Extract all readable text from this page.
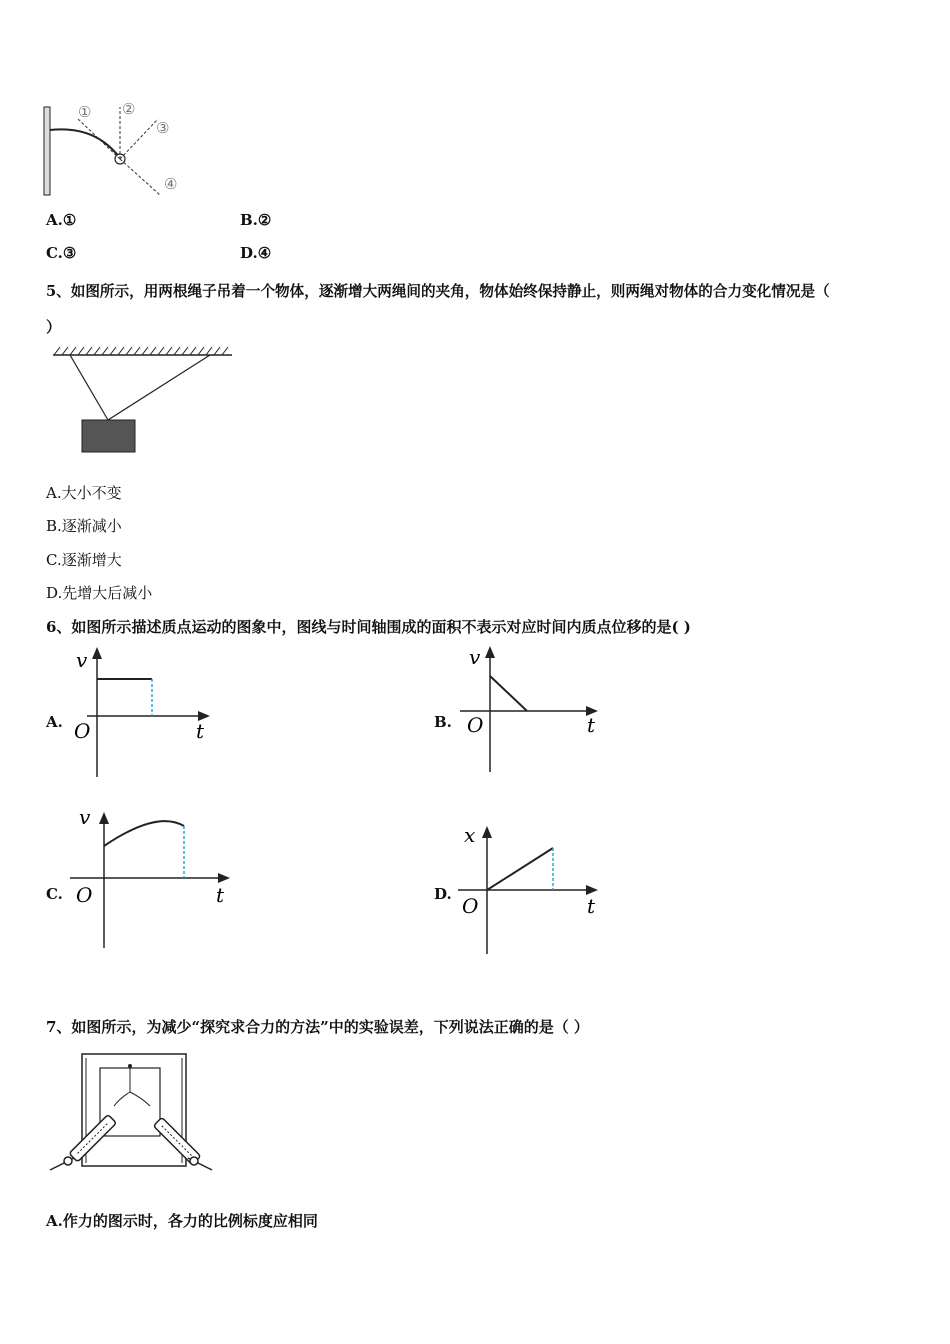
① ②
③
④
A.①	B.②
C.③	D.④
5、如图所示，用两根绳子吊着一个物体，逐渐增大两绳间的夹角，物体始终保持静止，则两绳对物体的合力变化情况是（
）
A.大小不变
B.逐渐减小
C.逐渐增大
D.先增大后减小
6、如图所示描述质点运动的图象中，图线与时间轴围成的面积不表示对应时间内质点位移的是( )
A.
v
t
O	B.
v
t
O
C.
v
t
O	D.
x
t
O
7、如图所示，为减少“探究求合力的方法”中的实验误差，下列说法正确的是（ ）
A.作力的图示时，各力的比例标度应相同
